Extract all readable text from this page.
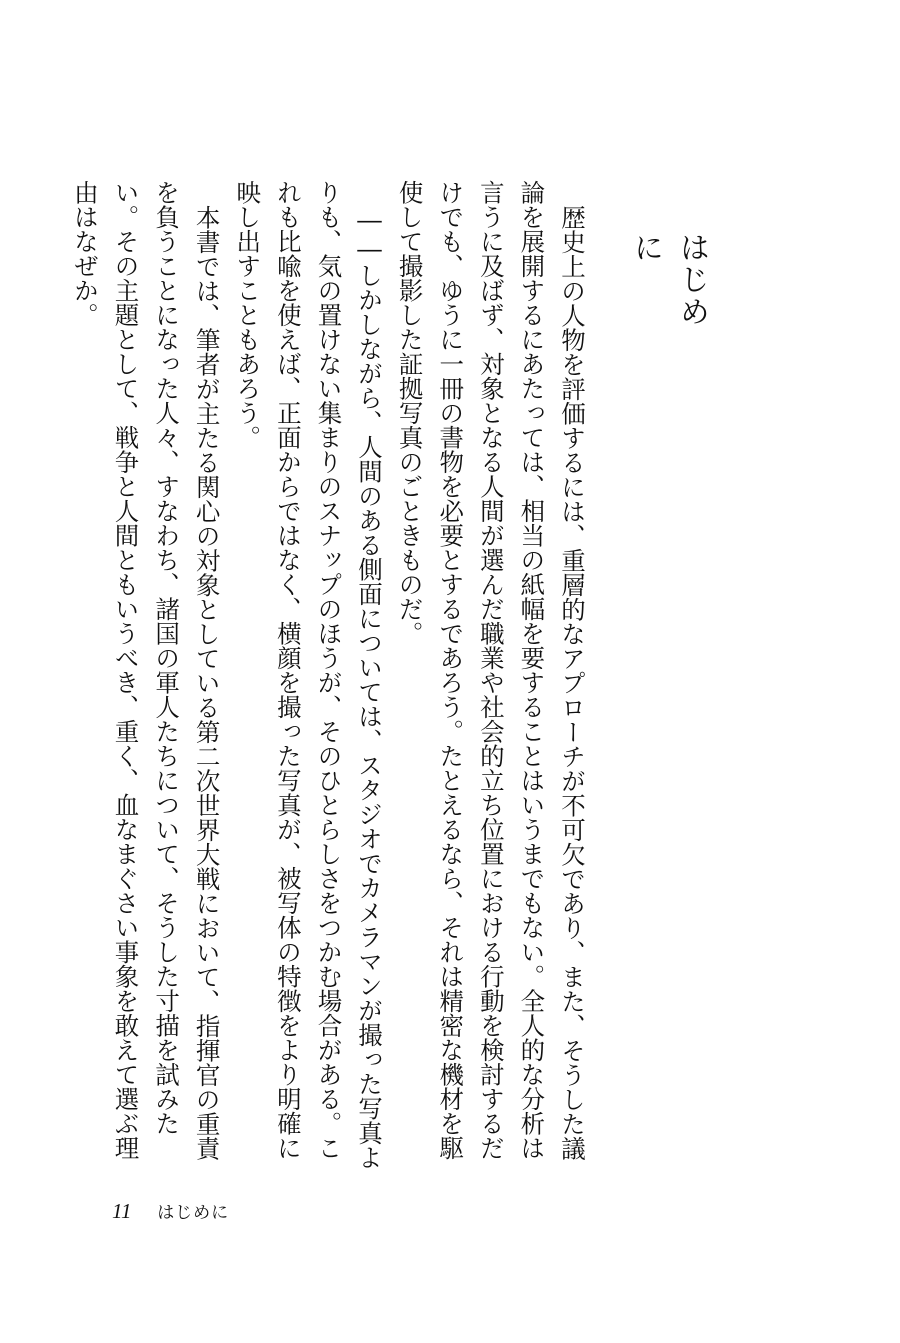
はじめに

歴史上の人物を評価するには、重層的なアプローチが不可欠であり、また、そうした議論を展開するにあたっては、相当の紙幅を要することはいうまでもない。全人的な分析は言うに及ばず、対象となる人間が選んだ職業や社会的立ち位置における行動を検討するだけでも、ゆうに一冊の書物を必要とするであろう。たとえるなら、それは精密な機材を駆使して撮影した証拠写真のごときものだ。

――しかしながら、人間のある側面については、スタジオでカメラマンが撮った写真よりも、気の置けない集まりのスナップのほうが、そのひとらしさをつかむ場合がある。これも比喩を使えば、正面からではなく、横顔を撮った写真が、被写体の特徴をより明確に映し出すこともあろう。

本書では、筆者が主たる関心の対象としている第二次世界大戦において、指揮官の重責を負うことになった人々、すなわち、諸国の軍人たちについて、そうした寸描を試みたい。その主題として、戦争と人間ともいうべき、重く、血なまぐさい事象を敢えて選ぶ理由はなぜか。

11 はじめに
